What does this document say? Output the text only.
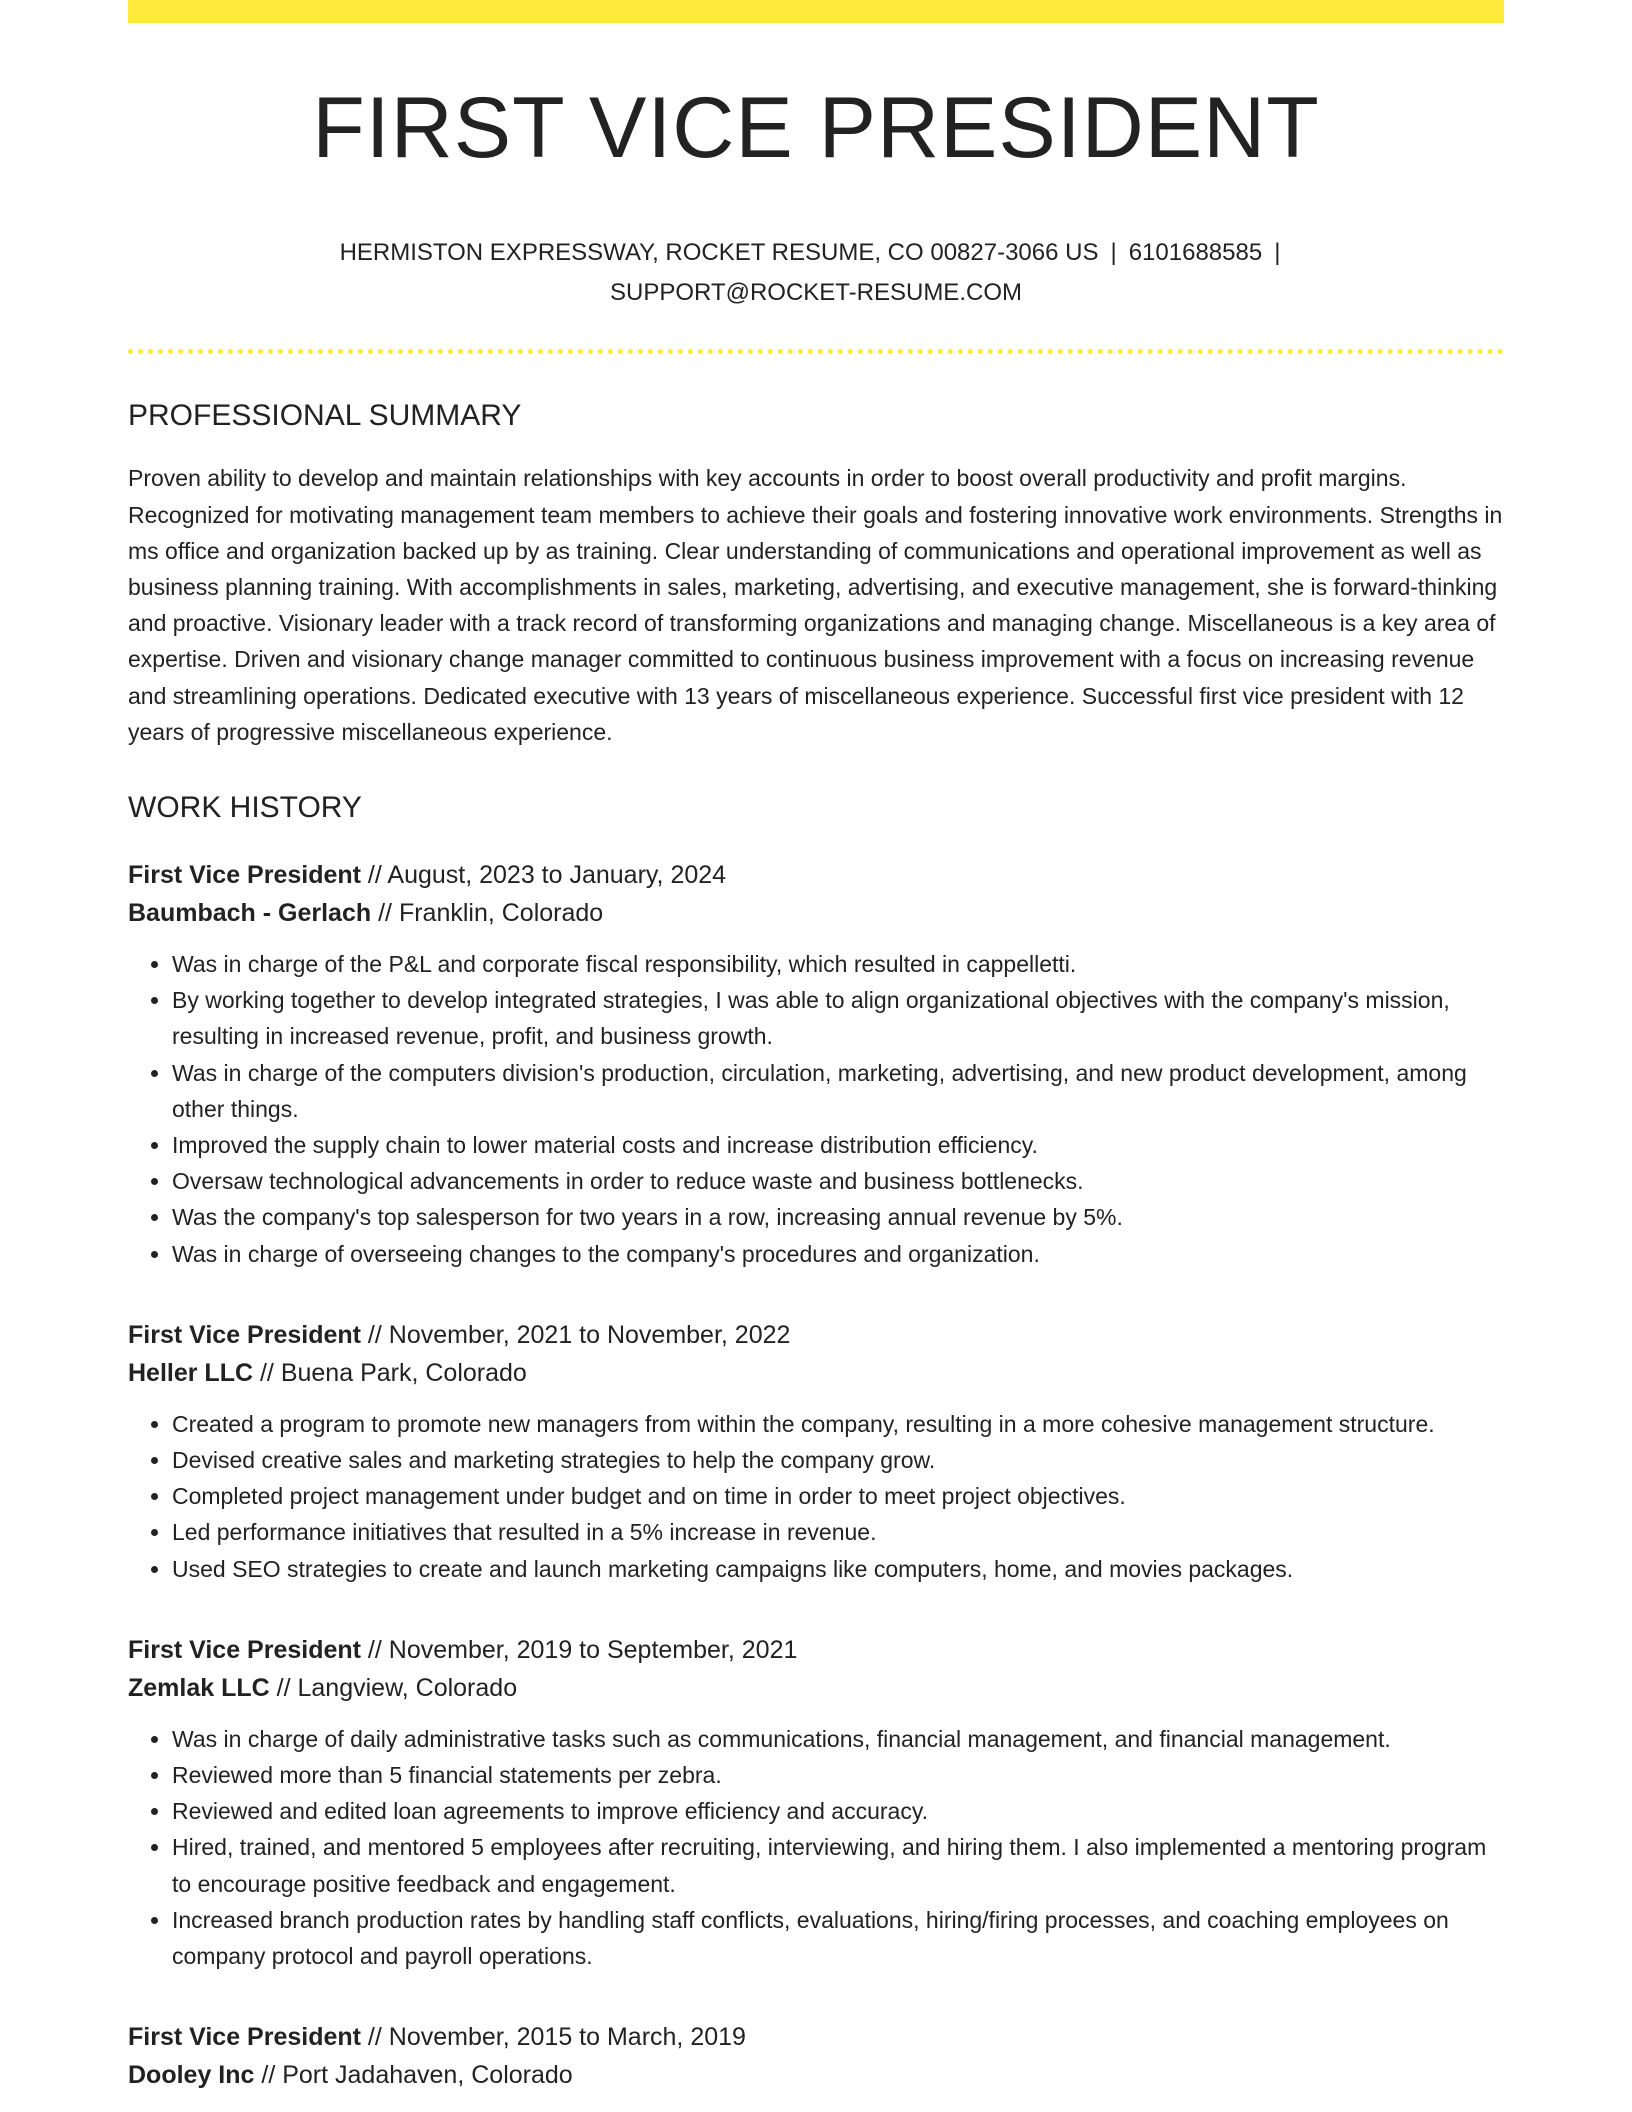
FIRST VICE PRESIDENT
HERMISTON EXPRESSWAY, ROCKET RESUME, CO 00827-3066 US | 6101688585 |
SUPPORT@ROCKET-RESUME.COM
PROFESSIONAL SUMMARY
Proven ability to develop and maintain relationships with key accounts in order to boost overall productivity and profit margins. Recognized for motivating management team members to achieve their goals and fostering innovative work environments. Strengths in ms office and organization backed up by as training. Clear understanding of communications and operational improvement as well as business planning training. With accomplishments in sales, marketing, advertising, and executive management, she is forward-thinking and proactive. Visionary leader with a track record of transforming organizations and managing change. Miscellaneous is a key area of expertise. Driven and visionary change manager committed to continuous business improvement with a focus on increasing revenue and streamlining operations. Dedicated executive with 13 years of miscellaneous experience. Successful first vice president with 12 years of progressive miscellaneous experience.
WORK HISTORY
First Vice President // August, 2023 to January, 2024
Baumbach - Gerlach // Franklin, Colorado
• Was in charge of the P&L and corporate fiscal responsibility, which resulted in cappelletti.
• By working together to develop integrated strategies, I was able to align organizational objectives with the company's mission, resulting in increased revenue, profit, and business growth.
• Was in charge of the computers division's production, circulation, marketing, advertising, and new product development, among other things.
• Improved the supply chain to lower material costs and increase distribution efficiency.
• Oversaw technological advancements in order to reduce waste and business bottlenecks.
• Was the company's top salesperson for two years in a row, increasing annual revenue by 5%.
• Was in charge of overseeing changes to the company's procedures and organization.
First Vice President // November, 2021 to November, 2022
Heller LLC // Buena Park, Colorado
• Created a program to promote new managers from within the company, resulting in a more cohesive management structure.
• Devised creative sales and marketing strategies to help the company grow.
• Completed project management under budget and on time in order to meet project objectives.
• Led performance initiatives that resulted in a 5% increase in revenue.
• Used SEO strategies to create and launch marketing campaigns like computers, home, and movies packages.
First Vice President // November, 2019 to September, 2021
Zemlak LLC // Langview, Colorado
• Was in charge of daily administrative tasks such as communications, financial management, and financial management.
• Reviewed more than 5 financial statements per zebra.
• Reviewed and edited loan agreements to improve efficiency and accuracy.
• Hired, trained, and mentored 5 employees after recruiting, interviewing, and hiring them. I also implemented a mentoring program to encourage positive feedback and engagement.
• Increased branch production rates by handling staff conflicts, evaluations, hiring/firing processes, and coaching employees on company protocol and payroll operations.
First Vice President // November, 2015 to March, 2019
Dooley Inc // Port Jadahaven, Colorado
